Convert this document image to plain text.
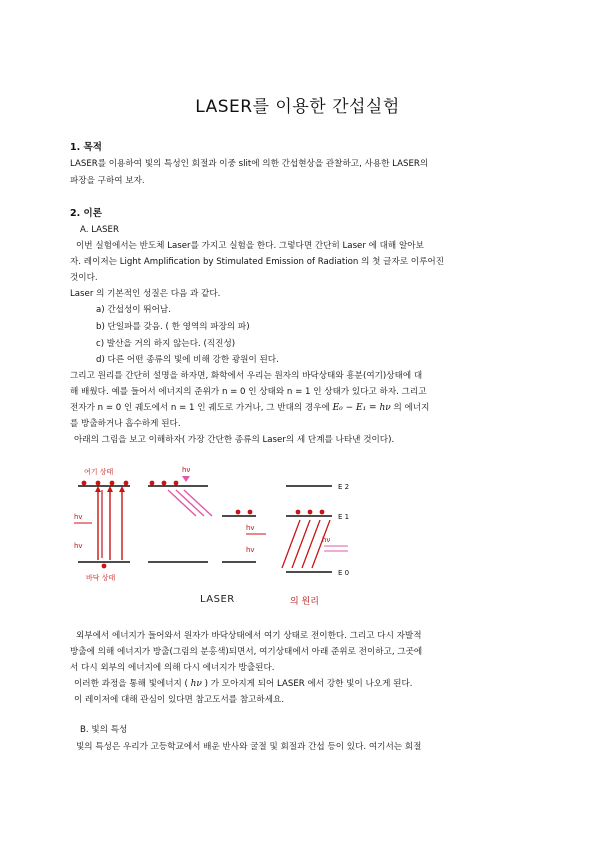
LASER를 이용한 간섭실험

1. 목적

LASER를 이용하여 빛의 특성인 회절과 이중 slit에 의한 간섭현상을 관찰하고, 사용한 LASER의

파장을 구하여 보자.

2. 이론

A. LASER

이번 실험에서는 반도체 Laser를 가지고 실험을 한다. 그렇다면 간단히 Laser 에 대해 알아보

자. 레이저는 Light Amplification by Stimulated Emission of Radiation 의 첫 글자로 이루어진

것이다.

Laser 의 기본적인 성질은 다음 과 같다.

a) 간섭성이 뛰어남.

b) 단일파를 갖음. ( 한 영역의 파장의 파)

c) 발산을 거의 하지 않는다. (직진성)

d) 다른 어떤 종류의 빛에 비해 강한 광원이 된다.

그리고 원리를 간단히 설명을 하자면, 화학에서 우리는 원자의 바닥상태와 흥분(여기)상태에 대

해 배웠다. 예를 들어서 에너지의 준위가 n = 0 인 상태와 n = 1 인 상태가 있다고 하자. 그리고

전자가 n = 0 인 궤도에서 n = 1 인 궤도로 가거나, 그 반대의 경우에 E₀ − E₁ = hν 의 에너지

를 방출하거나 흡수하게 된다.

아래의 그림을 보고 이해하자( 가장 간단한 종류의 Laser의 세 단계를 나타낸 것이다).

여기 상태
hv
hv
바닥 상태
hν
hv
hv
E 2
E 1
E 0
hν
LASER	의 원리

외부에서 에너지가 들어와서 원자가 바닥상태에서 여기 상태로 전이한다. 그리고 다시 자발적

방출에 의해 에너지가 방출(그림의 분홍색)되면서, 여기상태에서 아래 준위로 전이하고, 그곳에

서 다시 외부의 에너지에 의해 다시 에너지가 방출된다.

이러한 과정을 통해 빛에너지 ( hν ) 가 모아지게 되어 LASER 에서 강한 빛이 나오게 된다.

이 레이저에 대해 관심이 있다면 참고도서를 참고하세요.

B. 빛의 특성

빛의 특성은 우리가 고등학교에서 배운 반사와 굴절 및 회절과 간섭 등이 있다. 여기서는 회절
